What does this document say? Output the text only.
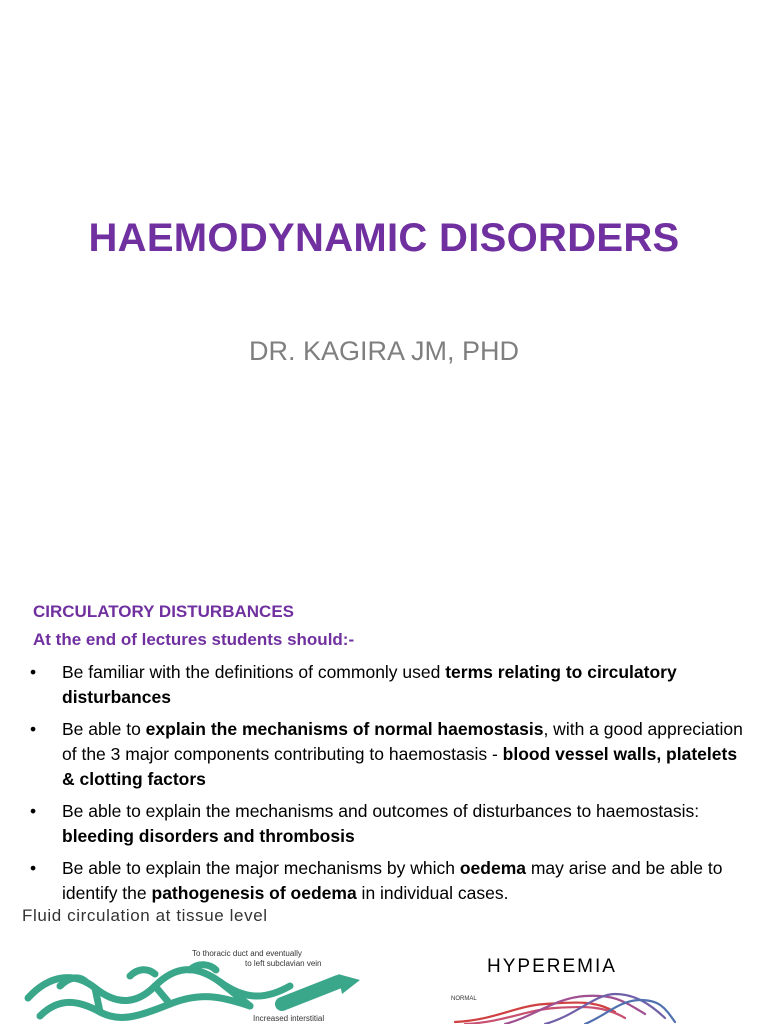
HAEMODYNAMIC DISORDERS
DR. KAGIRA JM, PHD
CIRCULATORY DISTURBANCES
At the end of lectures students should:-
• Be familiar with the definitions of commonly used terms relating to circulatory disturbances
• Be able to explain the mechanisms of normal haemostasis, with a good appreciation of the 3 major components contributing to haemostasis - blood vessel walls, platelets & clotting factors
• Be able to explain the mechanisms and outcomes of disturbances to haemostasis: bleeding disorders and thrombosis
• Be able to explain the major mechanisms by which oedema may arise and be able to identify the pathogenesis of oedema in individual cases.
Fluid circulation at tissue level
To thoracic duct and eventually
to left subclavian vein
Increased interstitial
HYPEREMIA
NORMAL
